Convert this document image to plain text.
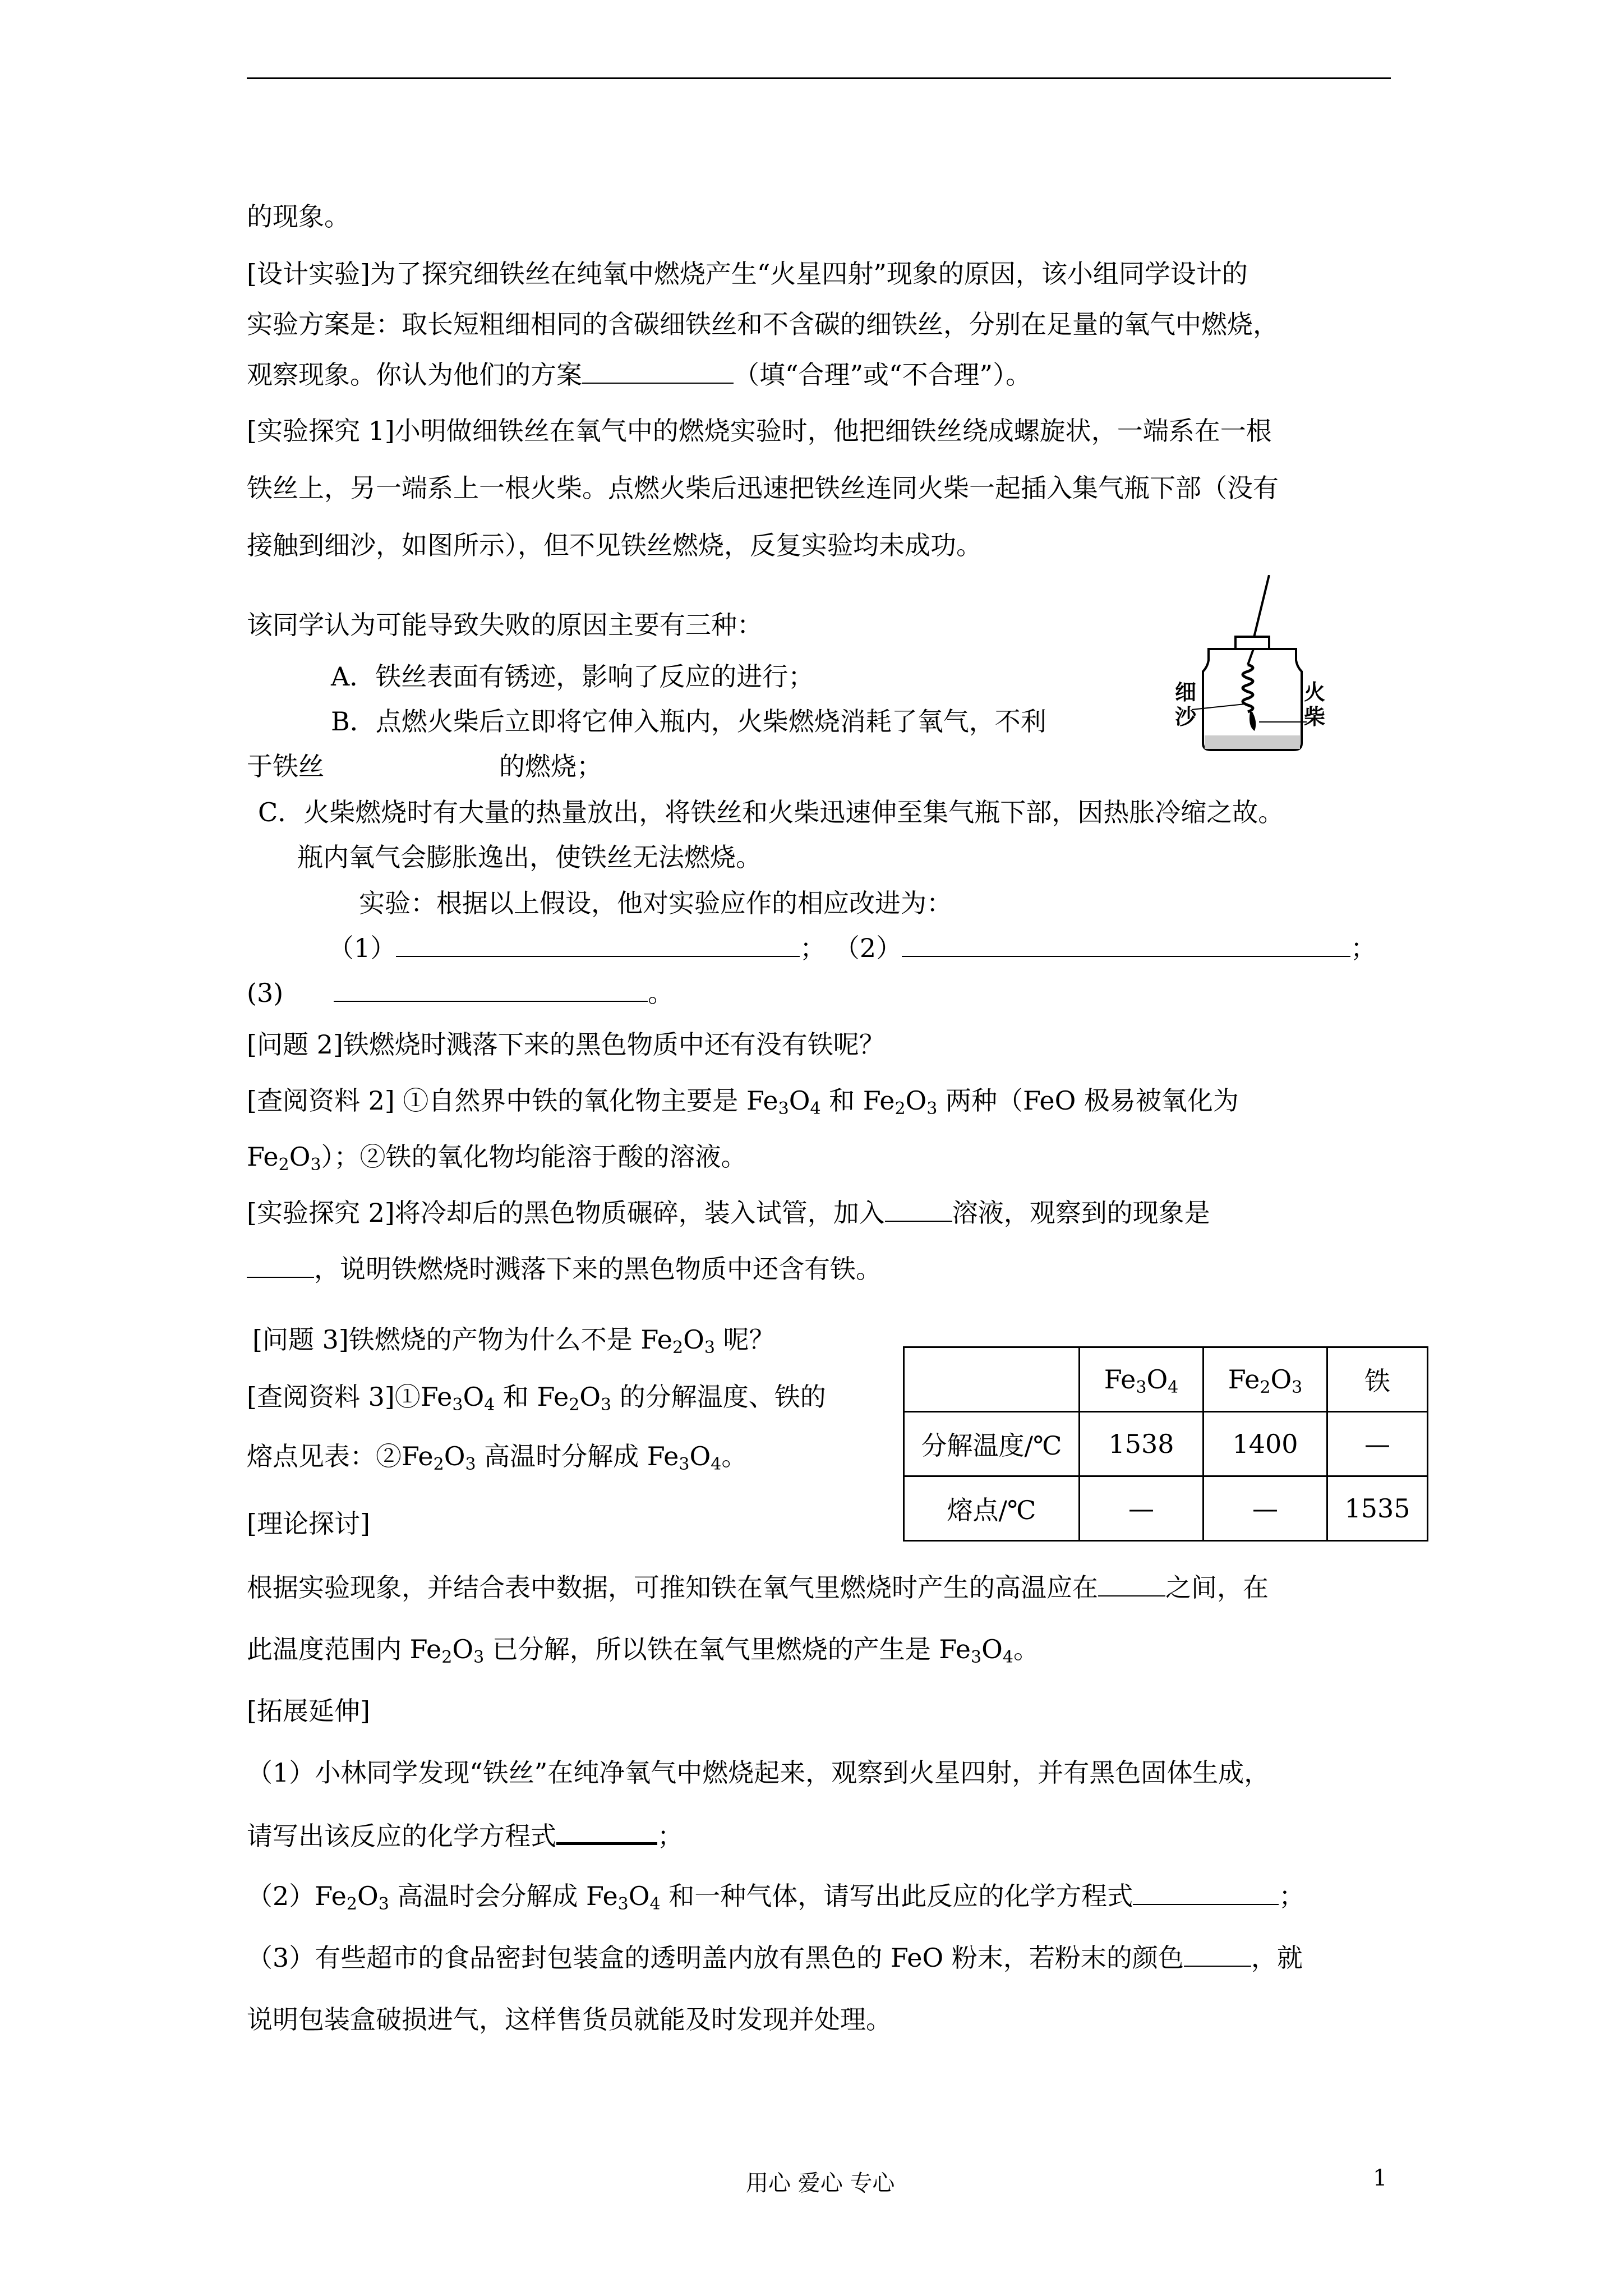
的现象。
[设计实验]为了探究细铁丝在纯氧中燃烧产生“火星四射”现象的原因，该小组同学设计的
实验方案是：取长短粗细相同的含碳细铁丝和不含碳的细铁丝，分别在足量的氧气中燃烧，
观察现象。你认为他们的方案	（填“合理”或“不合理”）。
[实验探究 1]小明做细铁丝在氧气中的燃烧实验时，他把细铁丝绕成螺旋状，一端系在一根
铁丝上，另一端系上一根火柴。点燃火柴后迅速把铁丝连同火柴一起插入集气瓶下部（没有
接触到细沙，如图所示），但不见铁丝燃烧，反复实验均未成功。
该同学认为可能导致失败的原因主要有三种：
A．铁丝表面有锈迹，影响了反应的进行；
B．点燃火柴后立即将它伸入瓶内，火柴燃烧消耗了氧气，不利
于铁丝	的燃烧；
C．火柴燃烧时有大量的热量放出，将铁丝和火柴迅速伸至集气瓶下部，因热胀冷缩之故。
瓶内氧气会膨胀逸出，使铁丝无法燃烧。
实验：根据以上假设，他对实验应作的相应改进为：
（1）	； （2）	；
(3)	。
[问题 2]铁燃烧时溅落下来的黑色物质中还有没有铁呢？
[查阅资料 2] ①自然界中铁的氧化物主要是 $Fe_3O_4$ 和 $Fe_2O_3$ 两种（FeO 极易被氧化为
$Fe_2O_3$）；②铁的氧化物均能溶于酸的溶液。
[实验探究 2]将冷却后的黑色物质碾碎，装入试管，加入	溶液，观察到的现象是
，说明铁燃烧时溅落下来的黑色物质中还含有铁。
[问题 3]铁燃烧的产物为什么不是 $Fe_2O_3$ 呢？
[查阅资料 $3]①Fe_3O_4$ 和 $Fe_2O_3$ 的分解温度、铁的
熔点见表：$②Fe_2O_3$ 高温时分解成 $Fe_3O_4$。
[理论探讨]
根据实验现象，并结合表中数据，可推知铁在氧气里燃烧时产生的高温应在	之间，在
此温度范围内 $Fe_2O_3$ 已分解，所以铁在氧气里燃烧的产生是 $Fe_3O_4$。
[拓展延伸]
（1）小林同学发现“铁丝”在纯净氧气中燃烧起来，观察到火星四射，并有黑色固体生成，
请写出该反应的化学方程式	；
$(2)Fe_2O_3$ 高温时会分解成 $Fe_3O_4$ 和一种气体，请写出此反应的化学方程式	；
（3）有些超市的食品密封包装盒的透明盖内放有黑色的 FeO 粉末，若粉末的颜色	，就
说明包装盒破损进气，这样售货员就能及时发现并处理。
细
沙
火
柴
	$Fe_3O_4$	$Fe_2O_3$	铁
分解温度/℃	1538	1400	—
熔点/℃	—	—	1535
用心 爱心 专心	1
